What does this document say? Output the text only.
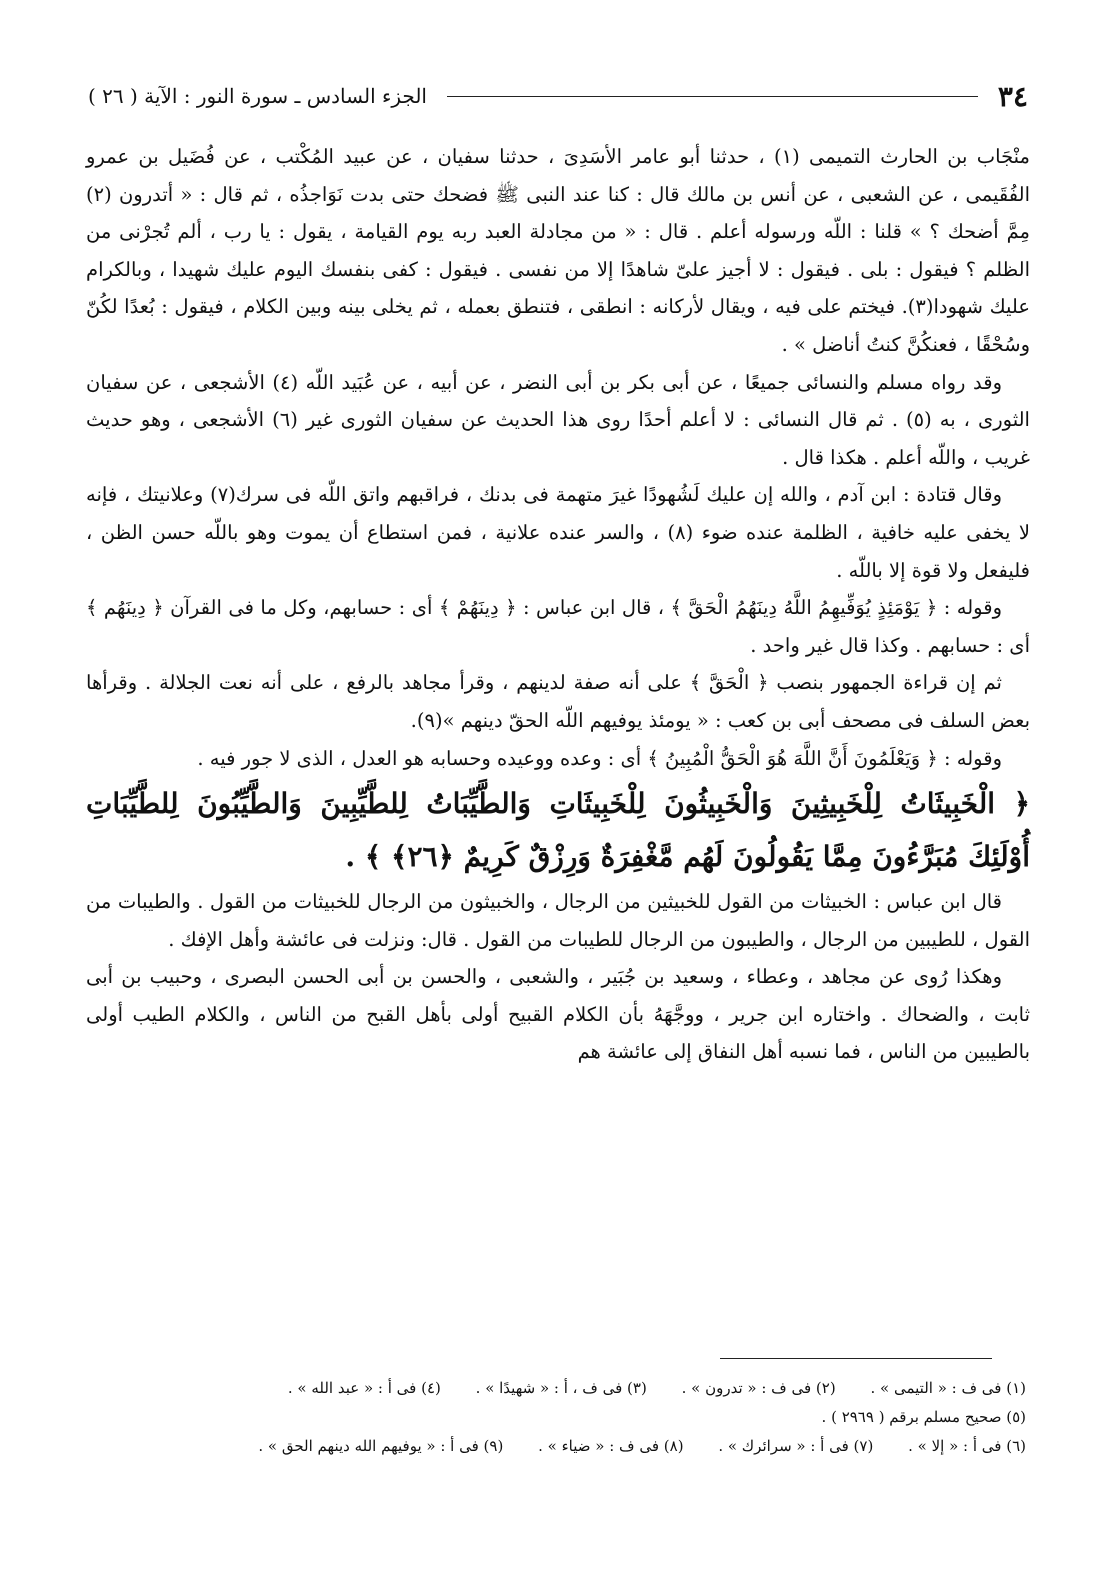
٣٤
الجزء السادس ـ سورة النور : الآية ( ٢٦ )

منْجَاب بن الحارث التميمى (١) ، حدثنا أبو عامر الأسَدِىَ ، حدثنا سفيان ، عن عبيد المُكْتب ، عن فُضَيل بن عمرو الفُقَيمى ، عن الشعبى ، عن أنس بن مالك قال : كنا عند النبى ﷺ فضحك حتى بدت نَوَاجذُه ، ثم قال : « أتدرون (٢) مِمَّ أضحك ؟ » قلنا : اللّه ورسوله أعلم . قال : « من مجادلة العبد ربه يوم القيامة ، يقول : يا رب ، ألم تُجرْنى من الظلم ؟ فيقول : بلى . فيقول : لا أجيز علىّ شاهدًا إلا من نفسى . فيقول : كفى بنفسك اليوم عليك شهيدا ، وبالكرام عليك شهودا(٣). فيختم على فيه ، ويقال لأركانه : انطقى ، فتنطق بعمله ، ثم يخلى بينه وبين الكلام ، فيقول : بُعدًا لكُنّ وسُحْقًا ، فعنكُنَّ كنتُ أناضل » .

وقد رواه مسلم والنسائى جميعًا ، عن أبى بكر بن أبى النضر ، عن أبيه ، عن عُبَيد اللّه (٤) الأشجعى ، عن سفيان الثورى ، به (٥) . ثم قال النسائى : لا أعلم أحدًا روى هذا الحديث عن سفيان الثورى غير (٦) الأشجعى ، وهو حديث غريب ، واللّه أعلم . هكذا قال .

وقال قتادة : ابن آدم ، والله إن عليك لَشُهودًا غيرَ متهمة فى بدنك ، فراقبهم واتق اللّه فى سرك(٧) وعلانيتك ، فإنه لا يخفى عليه خافية ، الظلمة عنده ضوء (٨) ، والسر عنده علانية ، فمن استطاع أن يموت وهو باللّه حسن الظن ، فليفعل ولا قوة إلا باللّه .

وقوله : ﴿ يَوْمَئِذٍ يُوَفِّيهِمُ اللَّهُ دِينَهُمُ الْحَقَّ ﴾ ، قال ابن عباس : ﴿ دِينَهُمْ ﴾ أى : حسابهم، وكل ما فى القرآن ﴿ دِينَهُم ﴾ أى : حسابهم . وكذا قال غير واحد .

ثم إن قراءة الجمهور بنصب ﴿ الْحَقَّ ﴾ على أنه صفة لدينهم ، وقرأ مجاهد بالرفع ، على أنه نعت الجلالة . وقرأها بعض السلف فى مصحف أبى بن كعب : « يومئذ يوفيهم اللّه الحقّ دينهم »(٩).

وقوله : ﴿ وَيَعْلَمُونَ أَنَّ اللَّهَ هُوَ الْحَقُّ الْمُبِينُ ﴾ أى : وعده ووعيده وحسابه هو العدل ، الذى لا جور فيه .

﴿ الْخَبِيثَاتُ لِلْخَبِيثِينَ وَالْخَبِيثُونَ لِلْخَبِيثَاتِ وَالطَّيِّبَاتُ لِلطَّيِّبِينَ وَالطَّيِّبُونَ لِلطَّيِّبَاتِ أُوْلَئِكَ مُبَرَّءُونَ مِمَّا يَقُولُونَ لَهُم مَّغْفِرَةٌ وَرِزْقٌ كَرِيمٌ ﴿٢٦﴾ ﴾ .

قال ابن عباس : الخبيثات من القول للخبيثين من الرجال ، والخبيثون من الرجال للخبيثات من القول . والطيبات من القول ، للطيبين من الرجال ، والطيبون من الرجال للطيبات من القول . قال: ونزلت فى عائشة وأهل الإفك .

وهكذا رُوى عن مجاهد ، وعطاء ، وسعيد بن جُبَير ، والشعبى ، والحسن بن أبى الحسن البصرى ، وحبيب بن أبى ثابت ، والضحاك . واختاره ابن جرير ، ووجَّهَهُ بأن الكلام القبيح أولى بأهل القبح من الناس ، والكلام الطيب أولى بالطيبين من الناس ، فما نسبه أهل النفاق إلى عائشة هم

(١) فى ف : « التيمى » . (٢) فى ف : « تدرون » . (٣) فى ف ، أ : « شهيدًا » . (٤) فى أ : « عبد الله » .
(٥) صحيح مسلم برقم ( ٢٩٦٩ ) .
(٦) فى أ : « إلا » . (٧) فى أ : « سرائرك » . (٨) فى ف : « ضياء » . (٩) فى أ : « يوفيهم الله دينهم الحق » .
